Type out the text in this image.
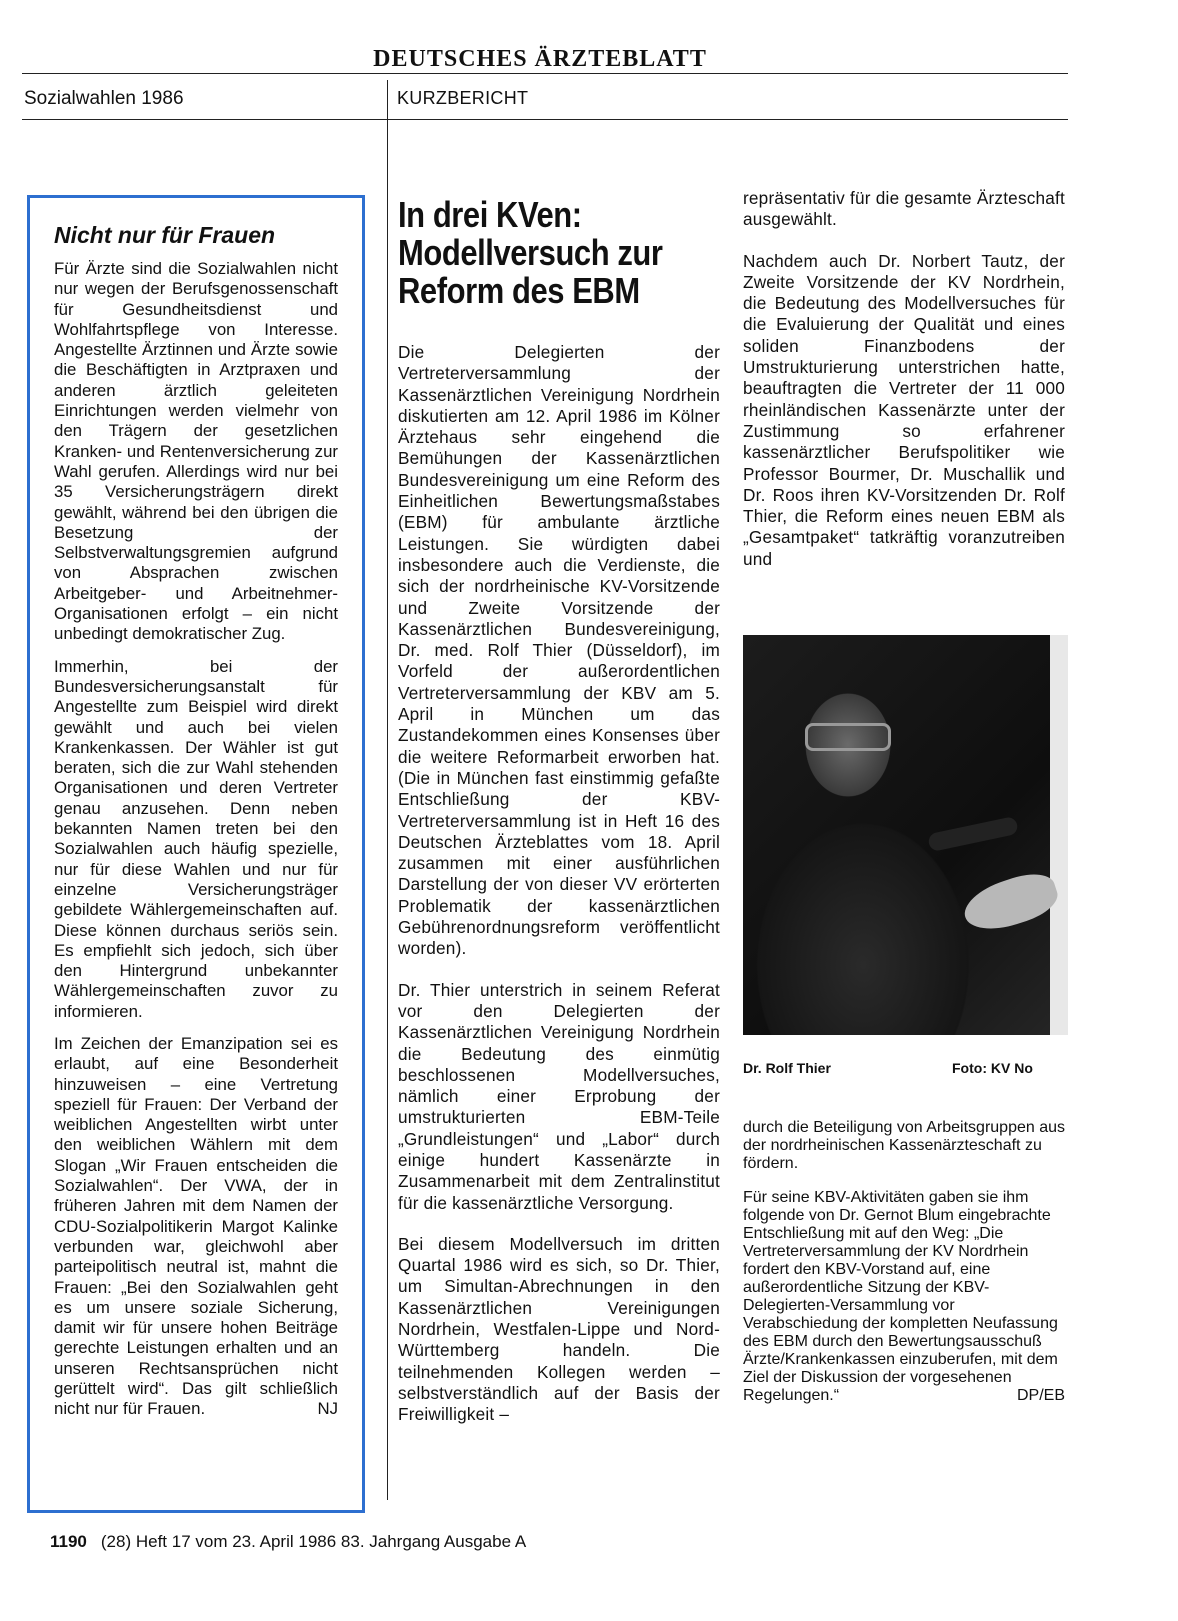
DEUTSCHES ÄRZTEBLATT
Sozialwahlen 1986	KURZBERICHT
Nicht nur für Frauen

Für Ärzte sind die Sozialwahlen nicht nur wegen der Berufsgenossenschaft für Gesundheitsdienst und Wohlfahrtspflege von Interesse. Angestellte Ärztinnen und Ärzte sowie die Beschäftigten in Arztpraxen und anderen ärztlich geleiteten Einrichtungen werden vielmehr von den Trägern der gesetzlichen Kranken- und Rentenversicherung zur Wahl gerufen. Allerdings wird nur bei 35 Versicherungsträgern direkt gewählt, während bei den übrigen die Besetzung der Selbstverwaltungsgremien aufgrund von Absprachen zwischen Arbeitgeber- und Arbeitnehmer-Organisationen erfolgt – ein nicht unbedingt demokratischer Zug.

Immerhin, bei der Bundesversicherungsanstalt für Angestellte zum Beispiel wird direkt gewählt und auch bei vielen Krankenkassen. Der Wähler ist gut beraten, sich die zur Wahl stehenden Organisationen und deren Vertreter genau anzusehen. Denn neben bekannten Namen treten bei den Sozialwahlen auch häufig spezielle, nur für diese Wahlen und nur für einzelne Versicherungsträger gebildete Wählergemeinschaften auf. Diese können durchaus seriös sein. Es empfiehlt sich jedoch, sich über den Hintergrund unbekannter Wählergemeinschaften zuvor zu informieren.

Im Zeichen der Emanzipation sei es erlaubt, auf eine Besonderheit hinzuweisen – eine Vertretung speziell für Frauen: Der Verband der weiblichen Angestellten wirbt unter den weiblichen Wählern mit dem Slogan „Wir Frauen entscheiden die Sozialwahlen“. Der VWA, der in früheren Jahren mit dem Namen der CDU-Sozialpolitikerin Margot Kalinke verbunden war, gleichwohl aber parteipolitisch neutral ist, mahnt die Frauen: „Bei den Sozialwahlen geht es um unsere soziale Sicherung, damit wir für unsere hohen Beiträge gerechte Leistungen erhalten und an unseren Rechtsansprüchen nicht gerüttelt wird“. Das gilt schließlich nicht nur für Frauen.	NJ

In drei KVen: Modellversuch zur Reform des EBM

Die Delegierten der Vertreterversammlung der Kassenärztlichen Vereinigung Nordrhein diskutierten am 12. April 1986 im Kölner Ärztehaus sehr eingehend die Bemühungen der Kassenärztlichen Bundesvereinigung um eine Reform des Einheitlichen Bewertungsmaßstabes (EBM) für ambulante ärztliche Leistungen. Sie würdigten dabei insbesondere auch die Verdienste, die sich der nordrheinische KV-Vorsitzende und Zweite Vorsitzende der Kassenärztlichen Bundesvereinigung, Dr. med. Rolf Thier (Düsseldorf), im Vorfeld der außerordentlichen Vertreterversammlung der KBV am 5. April in München um das Zustandekommen eines Konsenses über die weitere Reformarbeit erworben hat. (Die in München fast einstimmig gefaßte Entschließung der KBV-Vertreterversammlung ist in Heft 16 des Deutschen Ärzteblattes vom 18. April zusammen mit einer ausführlichen Darstellung der von dieser VV erörterten Problematik der kassenärztlichen Gebührenordnungsreform veröffentlicht worden).

Dr. Thier unterstrich in seinem Referat vor den Delegierten der Kassenärztlichen Vereinigung Nordrhein die Bedeutung des einmütig beschlossenen Modellversuches, nämlich einer Erprobung der umstrukturierten EBM-Teile „Grundleistungen“ und „Labor“ durch einige hundert Kassenärzte in Zusammenarbeit mit dem Zentralinstitut für die kassenärztliche Versorgung.

Bei diesem Modellversuch im dritten Quartal 1986 wird es sich, so Dr. Thier, um Simultan-Abrechnungen in den Kassenärztlichen Vereinigungen Nordrhein, Westfalen-Lippe und Nord-Württemberg handeln. Die teilnehmenden Kollegen werden – selbstverständlich auf der Basis der Freiwilligkeit –

repräsentativ für die gesamte Ärzteschaft ausgewählt.

Nachdem auch Dr. Norbert Tautz, der Zweite Vorsitzende der KV Nordrhein, die Bedeutung des Modellversuches für die Evaluierung der Qualität und eines soliden Finanzbodens der Umstrukturierung unterstrichen hatte, beauftragten die Vertreter der 11 000 rheinländischen Kassenärzte unter der Zustimmung so erfahrener kassenärztlicher Berufspolitiker wie Professor Bourmer, Dr. Muschallik und Dr. Roos ihren KV-Vorsitzenden Dr. Rolf Thier, die Reform eines neuen EBM als „Gesamtpaket“ tatkräftig voranzutreiben und

Dr. Rolf Thier	Foto: KV No

durch die Beteiligung von Arbeitsgruppen aus der nordrheinischen Kassenärzteschaft zu fördern.

Für seine KBV-Aktivitäten gaben sie ihm folgende von Dr. Gernot Blum eingebrachte Entschließung mit auf den Weg: „Die Vertreterversammlung der KV Nordrhein fordert den KBV-Vorstand auf, eine außerordentliche Sitzung der KBV-Delegierten-Versammlung vor Verabschiedung der kompletten Neufassung des EBM durch den Bewertungsausschuß Ärzte/Krankenkassen einzuberufen, mit dem Ziel der Diskussion der vorgesehenen Regelungen.“	DP/EB

1190 (28) Heft 17 vom 23. April 1986 83. Jahrgang Ausgabe A
